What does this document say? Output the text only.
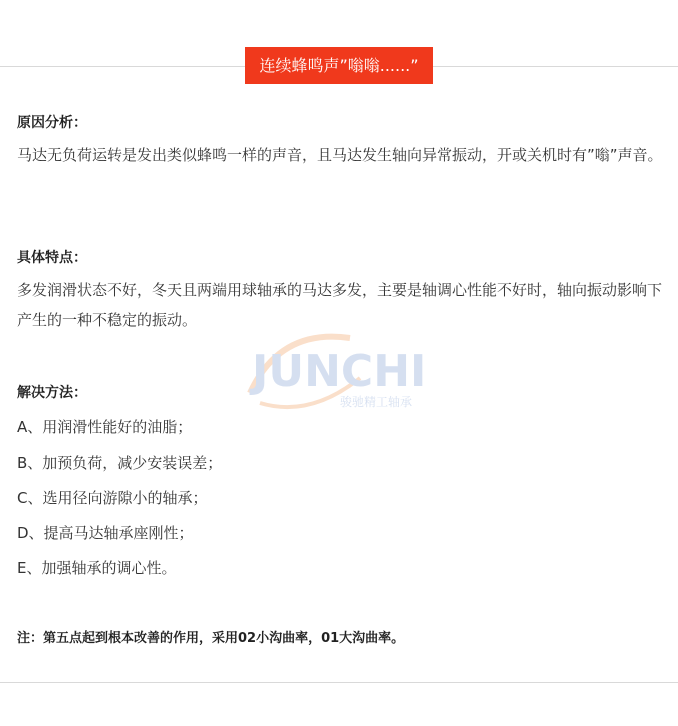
连续蜂鸣声”嗡嗡......”
JUNCHI
骏驰精工轴承
原因分析：

马达无负荷运转是发出类似蜂鸣一样的声音，且马达发生轴向异常振动，开或关机时有”嗡”声音。

具体特点：

多发润滑状态不好，冬天且两端用球轴承的马达多发，主要是轴调心性能不好时，轴向振动影响下产生的一种不稳定的振动。

解决方法：
A、用润滑性能好的油脂；
B、加预负荷，减少安装误差；
C、选用径向游隙小的轴承；
D、提高马达轴承座刚性；
E、加强轴承的调心性。
注：第五点起到根本改善的作用，采用02小沟曲率，01大沟曲率。
